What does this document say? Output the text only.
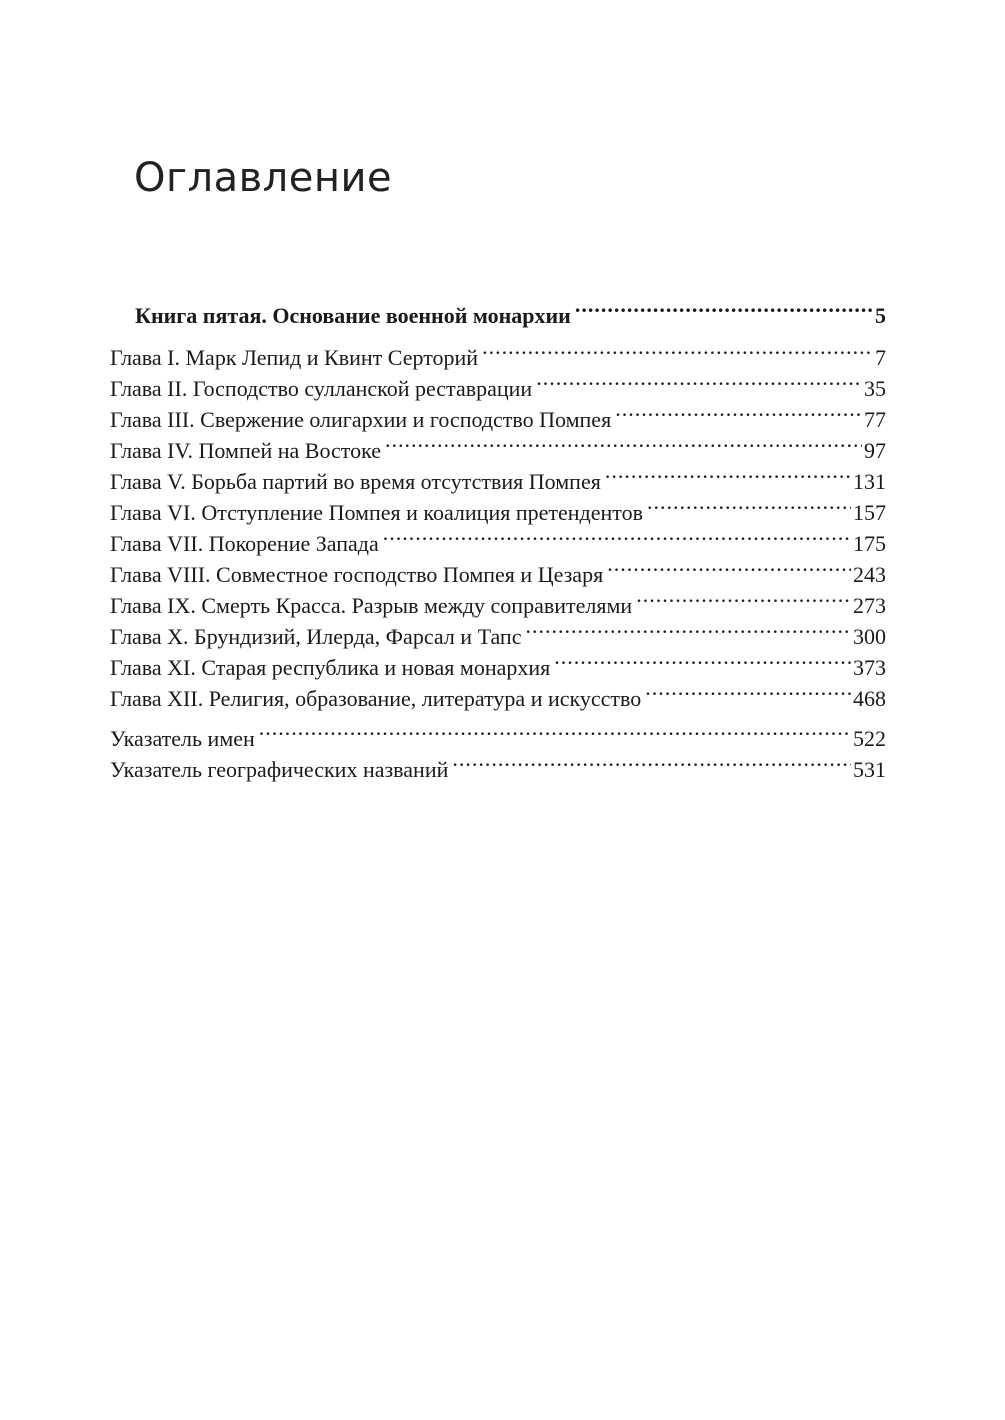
Оглавление
Книга пятая. Основание военной монархии .....	5
Глава I. Марк Лепид и Квинт Серторий .....	7
Глава II. Господство сулланской реставрации .....	35
Глава III. Свержение олигархии и господство Помпея .....	77
Глава IV. Помпей на Востоке .....	97
Глава V. Борьба партий во время отсутствия Помпея .....	131
Глава VI. Отступление Помпея и коалиция претендентов .....	157
Глава VII. Покорение Запада .....	175
Глава VIII. Совместное господство Помпея и Цезаря .....	243
Глава IX. Смерть Красса. Разрыв между соправителями .....	273
Глава X. Брундизий, Илерда, Фарсал и Тапс .....	300
Глава XI. Старая республика и новая монархия .....	373
Глава XII. Религия, образование, литература и искусство .....	468
Указатель имен .....	522
Указатель географических названий .....	531
